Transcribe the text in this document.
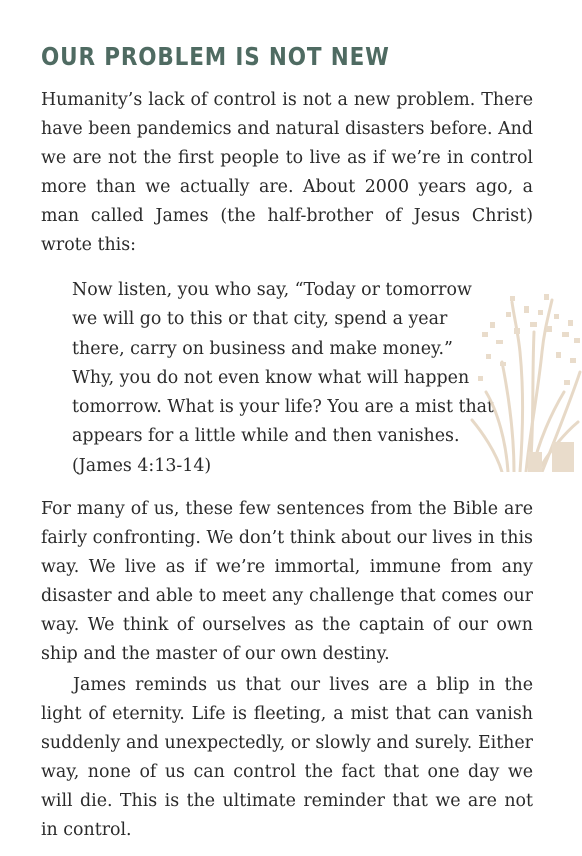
OUR PROBLEM IS NOT NEW

Humanity’s lack of control is not a new problem. There have been pandemics and natural disasters before. And we are not the first people to live as if we’re in control more than we actually are. About 2000 years ago, a man called James (the half-brother of Jesus Christ) wrote this:

Now listen, you who say, “Today or tomorrow
we will go to this or that city, spend a year
there, carry on business and make money.”
Why, you do not even know what will happen
tomorrow. What is your life? You are a mist that
appears for a little while and then vanishes.
(James 4:13-14)

For many of us, these few sentences from the Bible are fairly confronting. We don’t think about our lives in this way. We live as if we’re immortal, immune from any disaster and able to meet any challenge that comes our way. We think of ourselves as the captain of our own ship and the master of our own destiny.

James reminds us that our lives are a blip in the light of eternity. Life is fleeting, a mist that can vanish suddenly and unexpectedly, or slowly and surely. Either way, none of us can control the fact that one day we will die. This is the ultimate reminder that we are not in control.
